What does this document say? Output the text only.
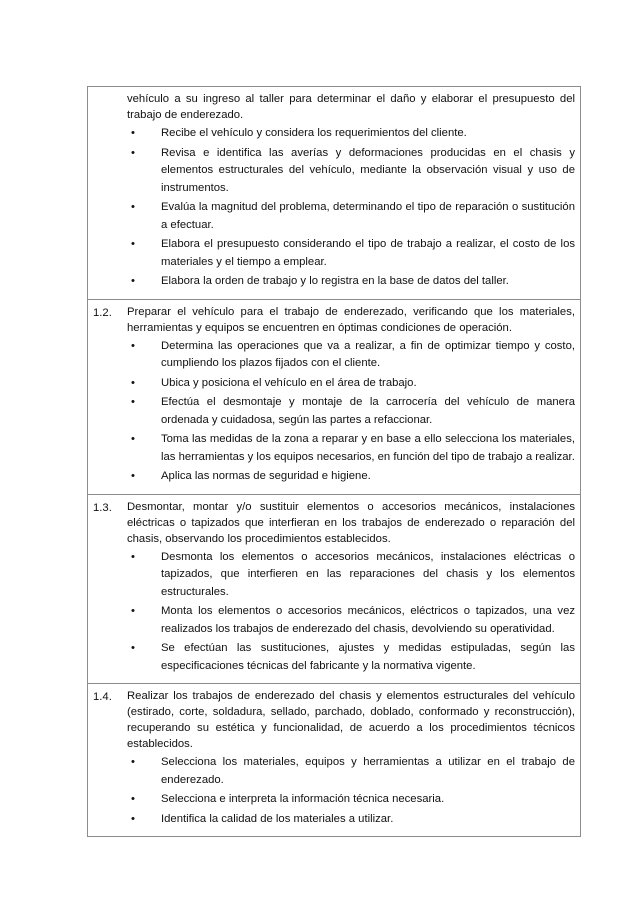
vehículo a su ingreso al taller para determinar el daño y elaborar el presupuesto del trabajo de enderezado.

•	Recibe el vehículo y considera los requerimientos del cliente.
•	Revisa e identifica las averías y deformaciones producidas en el chasis y elementos estructurales del vehículo, mediante la observación visual y uso de instrumentos.
•	Evalúa la magnitud del problema, determinando el tipo de reparación o sustitución a efectuar.
•	Elabora el presupuesto considerando el tipo de trabajo a realizar, el costo de los materiales y el tiempo a emplear.
•	Elabora la orden de trabajo y lo registra en la base de datos del taller.
1.2. Preparar el vehículo para el trabajo de enderezado, verificando que los materiales, herramientas y equipos se encuentren en óptimas condiciones de operación.

•	Determina las operaciones que va a realizar, a fin de optimizar tiempo y costo, cumpliendo los plazos fijados con el cliente.
•	Ubica y posiciona el vehículo en el área de trabajo.
•	Efectúa el desmontaje y montaje de la carrocería del vehículo de manera ordenada y cuidadosa, según las partes a refaccionar.
•	Toma las medidas de la zona a reparar y en base a ello selecciona los materiales, las herramientas y los equipos necesarios, en función del tipo de trabajo a realizar.
•	Aplica las normas de seguridad e higiene.
1.3. Desmontar, montar y/o sustituir elementos o accesorios mecánicos, instalaciones eléctricas o tapizados que interfieran en los trabajos de enderezado o reparación del chasis, observando los procedimientos establecidos.

•	Desmonta los elementos o accesorios mecánicos, instalaciones eléctricas o tapizados, que interfieren en las reparaciones del chasis y los elementos estructurales.
•	Monta los elementos o accesorios mecánicos, eléctricos o tapizados, una vez realizados los trabajos de enderezado del chasis, devolviendo su operatividad.
•	Se efectúan las sustituciones, ajustes y medidas estipuladas, según las especificaciones técnicas del fabricante y la normativa vigente.
1.4. Realizar los trabajos de enderezado del chasis y elementos estructurales del vehículo (estirado, corte, soldadura, sellado, parchado, doblado, conformado y reconstrucción), recuperando su estética y funcionalidad, de acuerdo a los procedimientos técnicos establecidos.

•	Selecciona los materiales, equipos y herramientas a utilizar en el trabajo de enderezado.
•	Selecciona e interpreta la información técnica necesaria.
•	Identifica la calidad de los materiales a utilizar.
